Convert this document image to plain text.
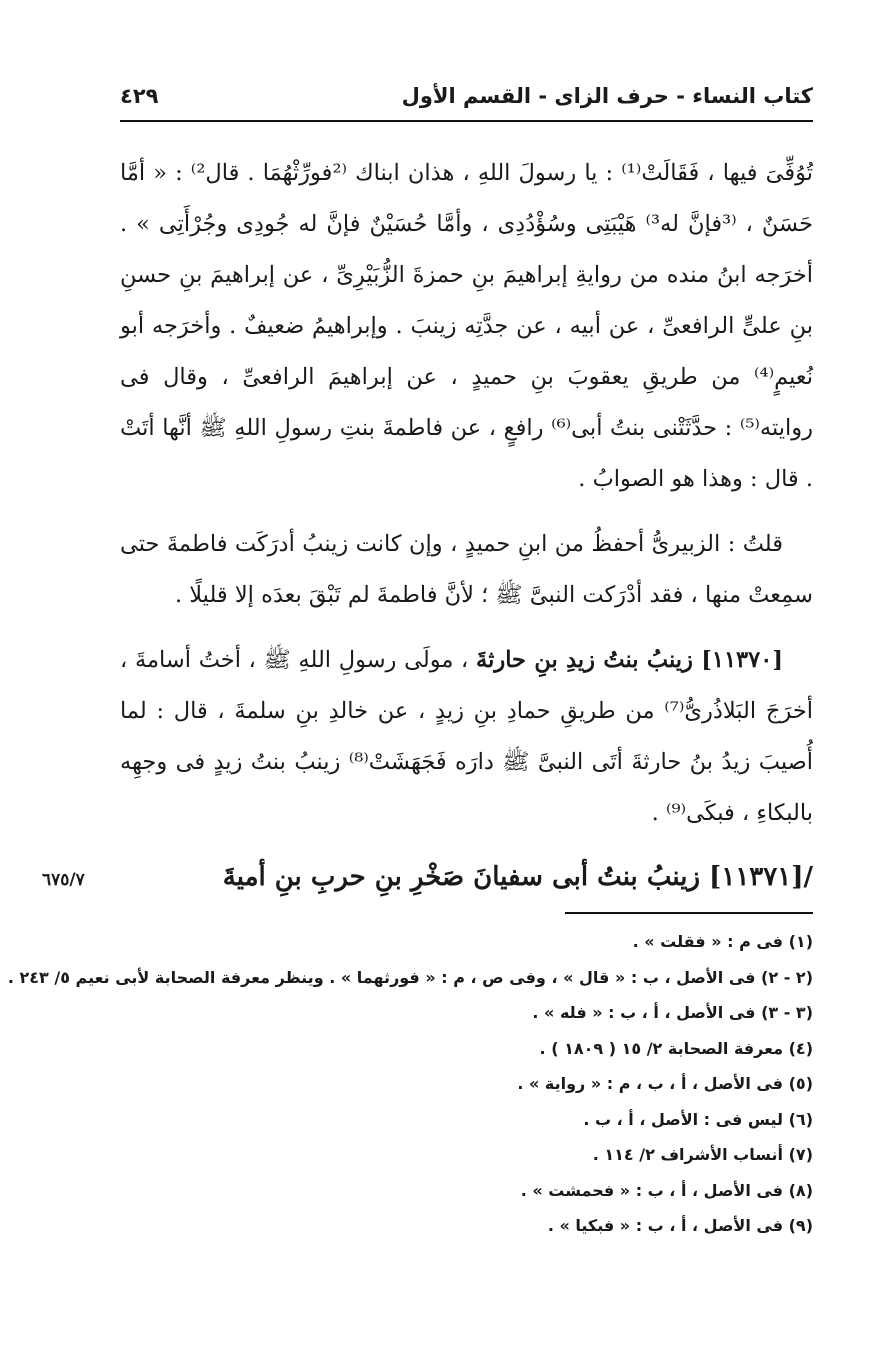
كتاب النساء - حرف الزاى - القسم الأول
٤٢٩

تُوُفِّىَ فيها ، فَقَالَتْ⁽¹⁾ : يا رسولَ اللهِ ، هذان ابناك ⁽²فورِّثْهُمَا . قال²⁾ : « أمَّا حَسَنٌ ، ⁽³فإنَّ له³⁾ هَيْبَتِى وسُؤْدُدِى ، وأمَّا حُسَيْنٌ فإنَّ له جُودِى وجُرْأَتِى » . أخرَجه ابنُ منده من روايةِ إبراهيمَ بنِ حمزةَ الزُّبَيْرِىِّ ، عن إبراهيمَ بنِ حسنِ بنِ علىٍّ الرافعىِّ ، عن أبيه ، عن جدَّتِه زينبَ . وإبراهيمُ ضعيفٌ . وأخرَجه أبو نُعيمٍ⁽⁴⁾ من طريقِ يعقوبَ بنِ حميدٍ ، عن إبراهيمَ الرافعىِّ ، وقال فى روايته⁽⁵⁾ : حدَّثَتْنى بنتُ أبى⁽⁶⁾ رافعٍ ، عن فاطمةَ بنتِ رسولِ اللهِ ﷺ أنَّها أتَتْ . قال : وهذا هو الصوابُ .

قلتُ : الزبيرىُّ أحفظُ من ابنِ حميدٍ ، وإن كانت زينبُ أدرَكَت فاطمةَ حتى سمِعتْ منها ، فقد أدْرَكت النبىَّ ﷺ ؛ لأنَّ فاطمةَ لم تَبْقَ بعدَه إلا قليلًا .

[١١٣٧٠] زينبُ بنتُ زيدِ بنِ حارثةَ ، مولَى رسولِ اللهِ ﷺ ، أختُ أسامةَ ، أخرَجَ البَلاذُرىُّ⁽⁷⁾ من طريقِ حمادِ بنِ زيدٍ ، عن خالدِ بنِ سلمةَ ، قال : لما أُصيبَ زيدُ بنُ حارثةَ أتَى النبىَّ ﷺ دارَه فَجَهَشَتْ⁽⁸⁾ زينبُ بنتُ زيدٍ فى وجهِه بالبكاءِ ، فبكَى⁽⁹⁾ .

/[١١٣٧١] زينبُ بنتُ أبى سفيانَ صَخْرِ بنِ حربِ بنِ أميةَ
٦٧٥/٧
(١) فى م : « فقلت » .
(٢ - ٢) فى الأصل ، ب : « قال » ، وفى ص ، م : « فورثهما » . وينظر معرفة الصحابة لأبى نعيم ٥/ ٢٤٣ .
(٣ - ٣) فى الأصل ، أ ، ب : « فله » .
(٤) معرفة الصحابة ٢/ ١٥ ( ١٨٠٩ ) .
(٥) فى الأصل ، أ ، ب ، م : « رواية » .
(٦) ليس فى : الأصل ، أ ، ب .
(٧) أنساب الأشراف ٢/ ١١٤ .
(٨) فى الأصل ، أ ، ب : « فحمشت » .
(٩) فى الأصل ، أ ، ب : « فبكيا » .
